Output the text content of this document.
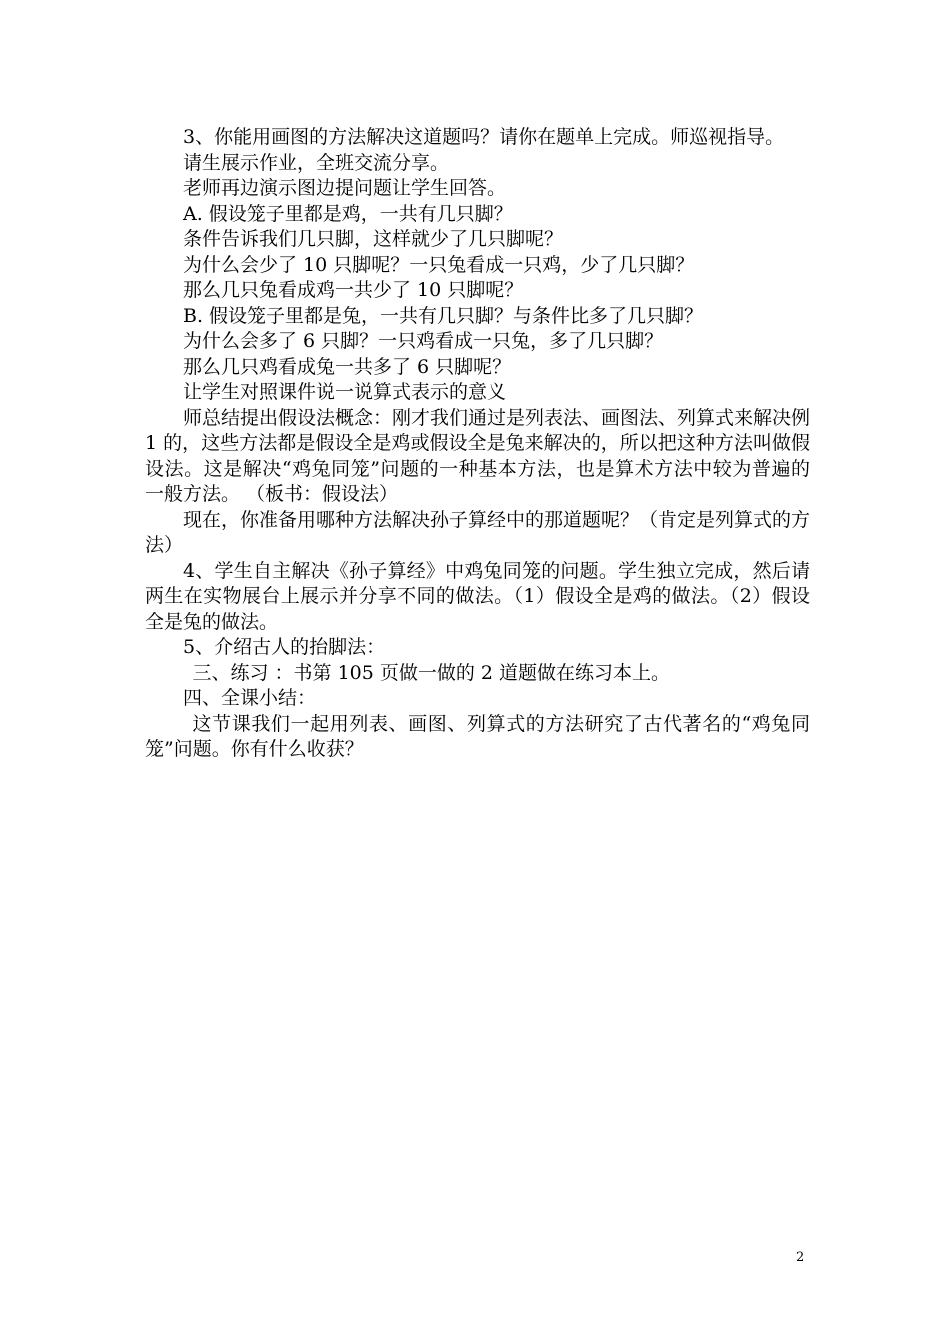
3、你能用画图的方法解决这道题吗？请你在题单上完成。师巡视指导。

请生展示作业，全班交流分享。

老师再边演示图边提问题让学生回答。

A. 假设笼子里都是鸡，一共有几只脚？

条件告诉我们几只脚，这样就少了几只脚呢？

为什么会少了 10 只脚呢？一只兔看成一只鸡，少了几只脚？

那么几只兔看成鸡一共少了 10 只脚呢？

B. 假设笼子里都是兔，一共有几只脚？与条件比多了几只脚？

为什么会多了 6 只脚？一只鸡看成一只兔，多了几只脚？

那么几只鸡看成兔一共多了 6 只脚呢？

让学生对照课件说一说算式表示的意义

师总结提出假设法概念：刚才我们通过是列表法、画图法、列算式来解决例 1 的，这些方法都是假设全是鸡或假设全是兔来解决的，所以把这种方法叫做假设法。这是解决“鸡兔同笼”问题的一种基本方法，也是算术方法中较为普遍的一般方法。 （板书：假设法）

现在，你准备用哪种方法解决孙子算经中的那道题呢？（肯定是列算式的方法）

4、学生自主解决《孙子算经》中鸡兔同笼的问题。学生独立完成，然后请两生在实物展台上展示并分享不同的做法。（1）假设全是鸡的做法。（2）假设全是兔的做法。

5、介绍古人的抬脚法：

三、练习 ：书第 105 页做一做的 2 道题做在练习本上。

四、全课小结：

这节课我们一起用列表、画图、列算式的方法研究了古代著名的“鸡兔同笼”问题。你有什么收获？

2
